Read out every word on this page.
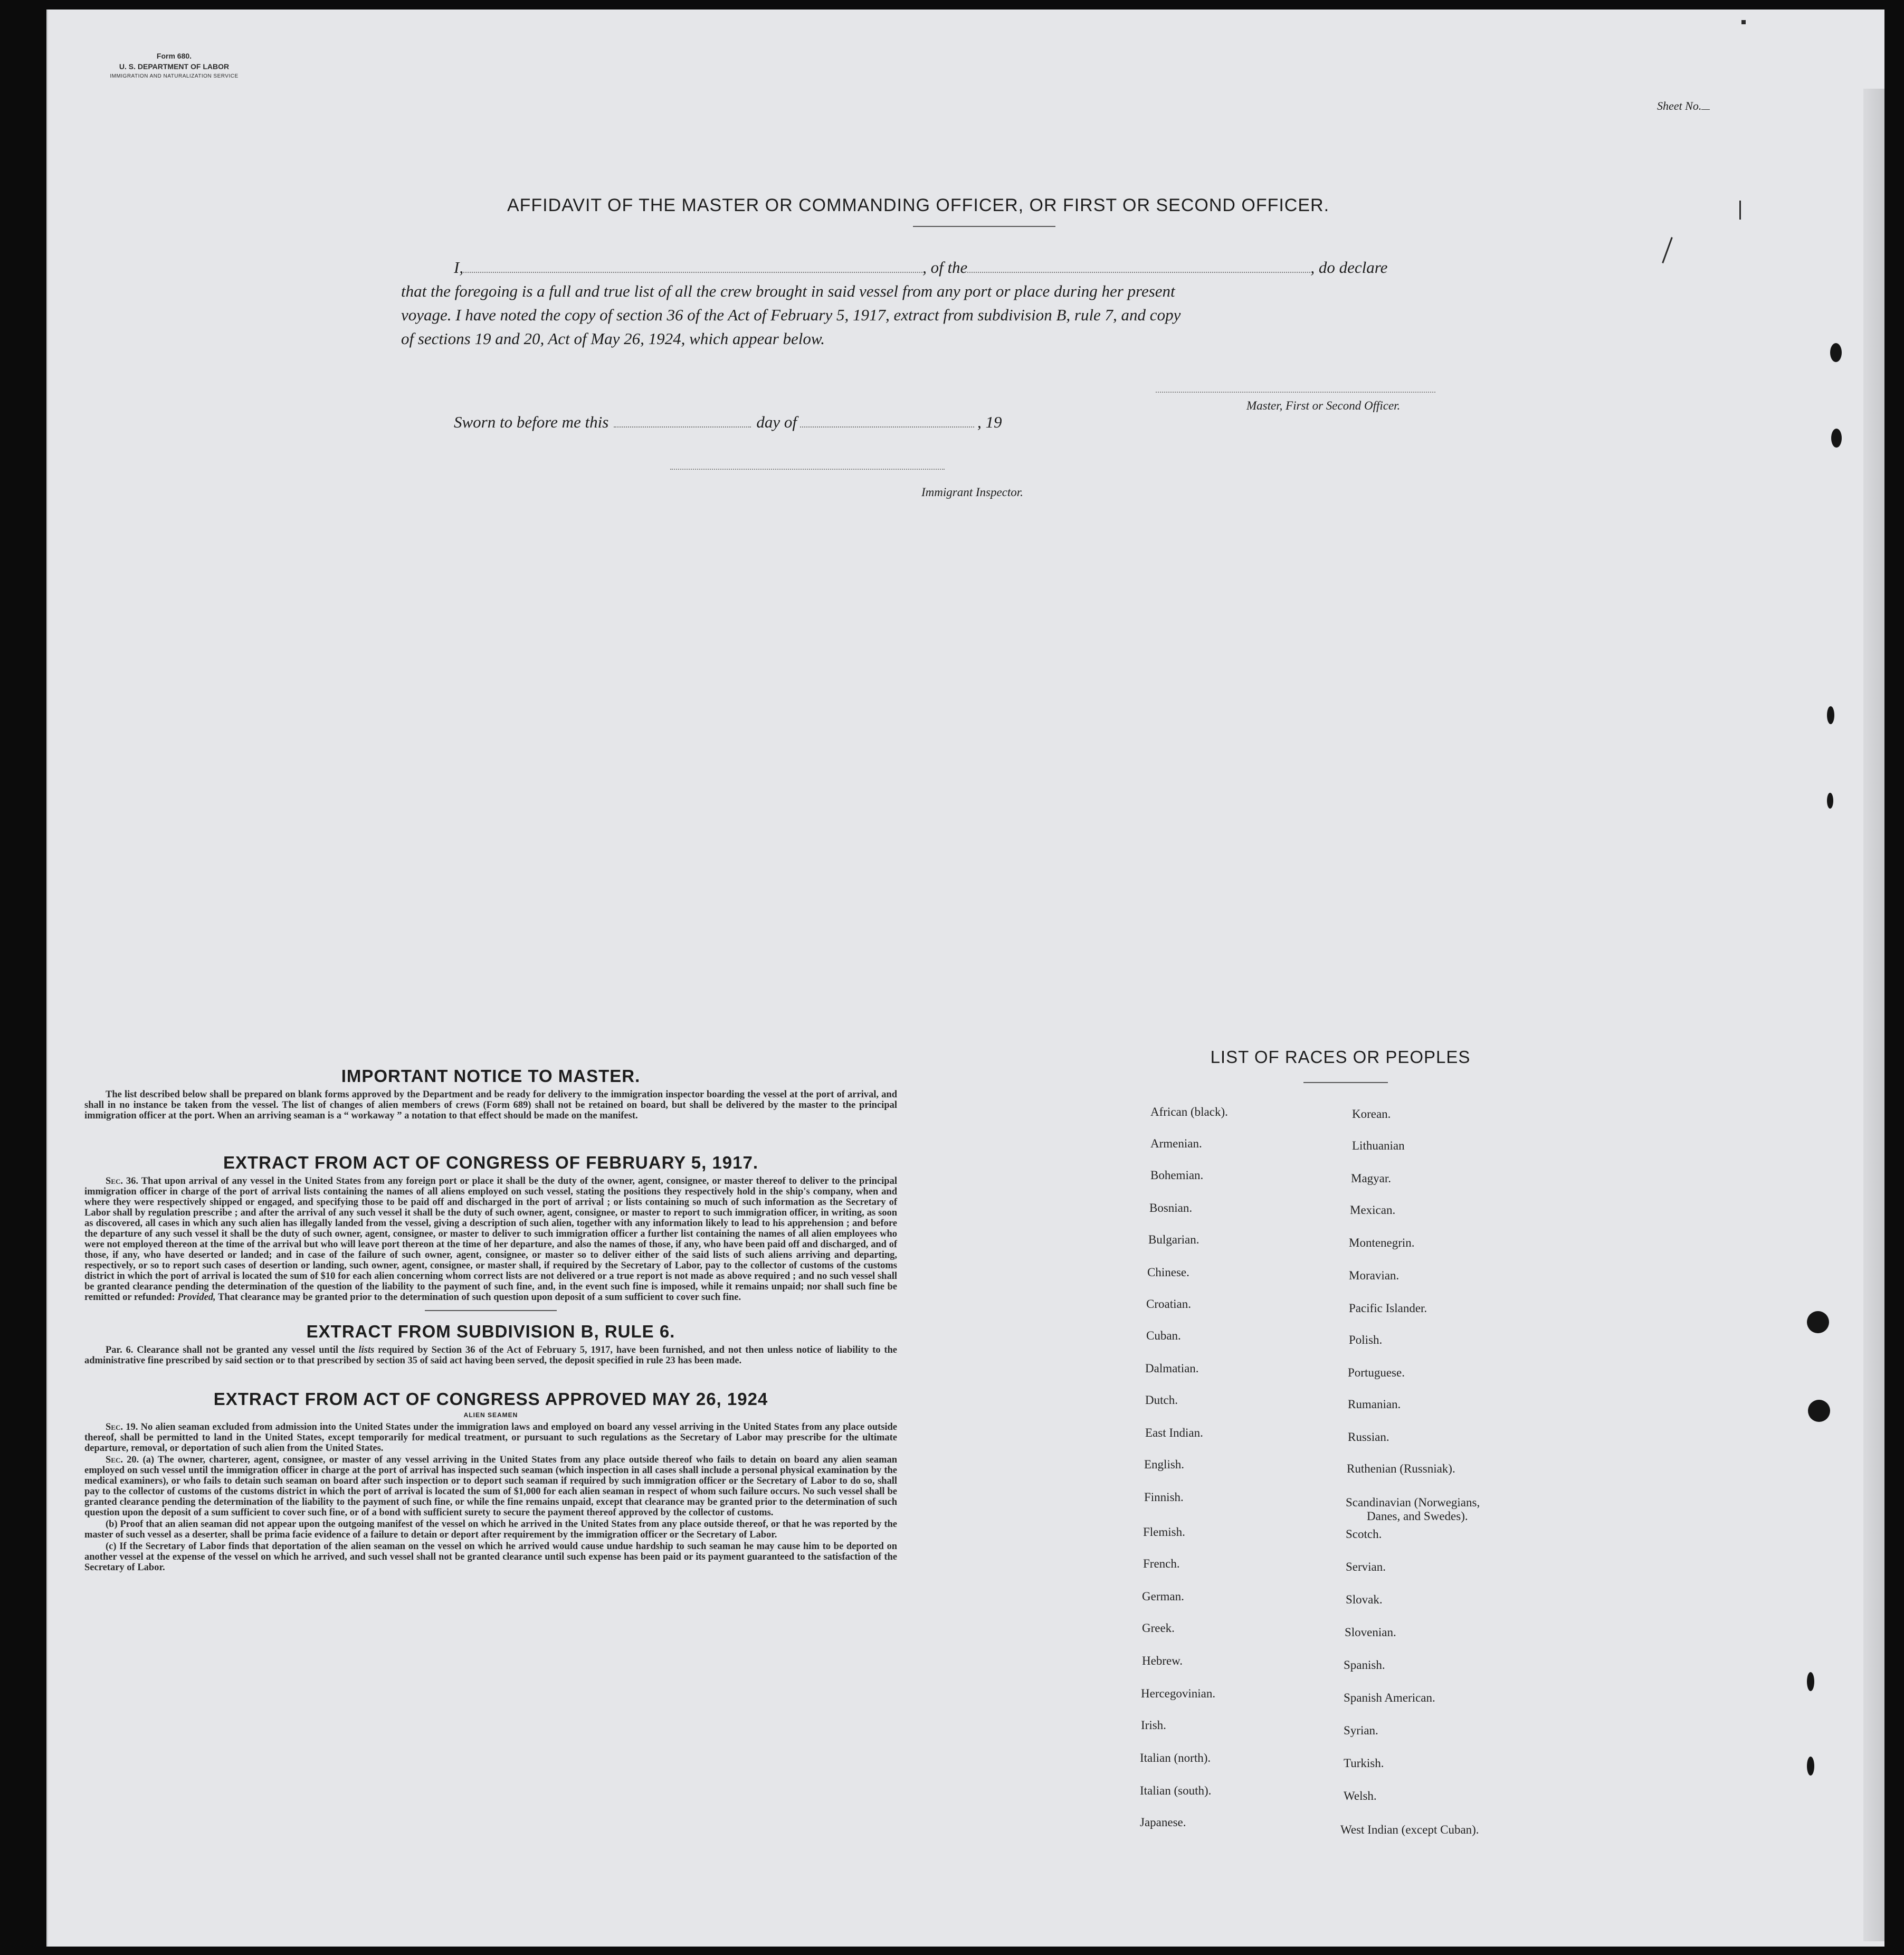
Form 680.
U. S. DEPARTMENT OF LABOR
IMMIGRATION AND NATURALIZATION SERVICE
Sheet No.
AFFIDAVIT OF THE MASTER OR COMMANDING OFFICER, OR FIRST OR SECOND OFFICER.
I,	, of the	, do declare
that the foregoing is a full and true list of all the crew brought in said vessel from any port or place during her present
voyage. I have noted the copy of section 36 of the Act of February 5, 1917, extract from subdivision B, rule 7, and copy
of sections 19 and 20, Act of May 26, 1924, which appear below.
Master, First or Second Officer.
Sworn to before me this	day of	, 19
Immigrant Inspector.
IMPORTANT NOTICE TO MASTER.

The list described below shall be prepared on blank forms approved by the Department and be ready for delivery to the immigration inspector boarding the vessel at the port of arrival, and shall in no instance be taken from the vessel. The list of changes of alien members of crews (Form 689) shall not be retained on board, but shall be delivered by the master to the principal immigration officer at the port. When an arriving seaman is a “ workaway ” a notation to that effect should be made on the manifest.

EXTRACT FROM ACT OF CONGRESS OF FEBRUARY 5, 1917.

Sec. 36. That upon arrival of any vessel in the United States from any foreign port or place it shall be the duty of the owner, agent, consignee, or master thereof to deliver to the principal immigration officer in charge of the port of arrival lists containing the names of all aliens employed on such vessel, stating the positions they respectively hold in the ship's company, when and where they were respectively shipped or engaged, and specifying those to be paid off and discharged in the port of arrival ; or lists containing so much of such information as the Secretary of Labor shall by regulation prescribe ; and after the arrival of any such vessel it shall be the duty of such owner, agent, consignee, or master to report to such immigration officer, in writing, as soon as discovered, all cases in which any such alien has illegally landed from the vessel, giving a description of such alien, together with any information likely to lead to his apprehension ; and before the departure of any such vessel it shall be the duty of such owner, agent, consignee, or master to deliver to such immigration officer a further list containing the names of all alien employees who were not employed thereon at the time of the arrival but who will leave port thereon at the time of her departure, and also the names of those, if any, who have been paid off and discharged, and of those, if any, who have deserted or landed; and in case of the failure of such owner, agent, consignee, or master so to deliver either of the said lists of such aliens arriving and departing, respectively, or so to report such cases of desertion or landing, such owner, agent, consignee, or master shall, if required by the Secretary of Labor, pay to the collector of customs of the customs district in which the port of arrival is located the sum of $10 for each alien concerning whom correct lists are not delivered or a true report is not made as above required ; and no such vessel shall be granted clearance pending the determination of the question of the liability to the payment of such fine, and, in the event such fine is imposed, while it remains unpaid; nor shall such fine be remitted or refunded: Provided, That clearance may be granted prior to the determination of such question upon deposit of a sum sufficient to cover such fine.

EXTRACT FROM SUBDIVISION B, RULE 6.

Par. 6. Clearance shall not be granted any vessel until the lists required by Section 36 of the Act of February 5, 1917, have been furnished, and not then unless notice of liability to the administrative fine prescribed by said section or to that prescribed by section 35 of said act having been served, the deposit specified in rule 23 has been made.

EXTRACT FROM ACT OF CONGRESS APPROVED MAY 26, 1924
ALIEN SEAMEN

Sec. 19. No alien seaman excluded from admission into the United States under the immigration laws and employed on board any vessel arriving in the United States from any place outside thereof, shall be permitted to land in the United States, except temporarily for medical treatment, or pursuant to such regulations as the Secretary of Labor may prescribe for the ultimate departure, removal, or deportation of such alien from the United States.

Sec. 20. (a) The owner, charterer, agent, consignee, or master of any vessel arriving in the United States from any place outside thereof who fails to detain on board any alien seaman employed on such vessel until the immigration officer in charge at the port of arrival has inspected such seaman (which inspection in all cases shall include a personal physical examination by the medical examiners), or who fails to detain such seaman on board after such inspection or to deport such seaman if required by such immigration officer or the Secretary of Labor to do so, shall pay to the collector of customs of the customs district in which the port of arrival is located the sum of $1,000 for each alien seaman in respect of whom such failure occurs. No such vessel shall be granted clearance pending the determination of the liability to the payment of such fine, or while the fine remains unpaid, except that clearance may be granted prior to the determination of such question upon the deposit of a sum sufficient to cover such fine, or of a bond with sufficient surety to secure the payment thereof approved by the collector of customs.

(b) Proof that an alien seaman did not appear upon the outgoing manifest of the vessel on which he arrived in the United States from any place outside thereof, or that he was reported by the master of such vessel as a deserter, shall be prima facie evidence of a failure to detain or deport after requirement by the immigration officer or the Secretary of Labor.

(c) If the Secretary of Labor finds that deportation of the alien seaman on the vessel on which he arrived would cause undue hardship to such seaman he may cause him to be deported on another vessel at the expense of the vessel on which he arrived, and such vessel shall not be granted clearance until such expense has been paid or its payment guaranteed to the satisfaction of the Secretary of Labor.

LIST OF RACES OR PEOPLES
African (black).
Armenian.
Bohemian.
Bosnian.
Bulgarian.
Chinese.
Croatian.
Cuban.
Dalmatian.
Dutch.
East Indian.
English.
Finnish.
Flemish.
French.
German.
Greek.
Hebrew.
Hercegovinian.
Irish.
Italian (north).
Italian (south).
Japanese.
Korean.
Lithuanian
Magyar.
Mexican.
Montenegrin.
Moravian.
Pacific Islander.
Polish.
Portuguese.
Rumanian.
Russian.
Ruthenian (Russniak).
Scandinavian (Norwegians,
Danes, and Swedes).
Scotch.
Servian.
Slovak.
Slovenian.
Spanish.
Spanish American.
Syrian.
Turkish.
Welsh.
West Indian (except Cuban).
